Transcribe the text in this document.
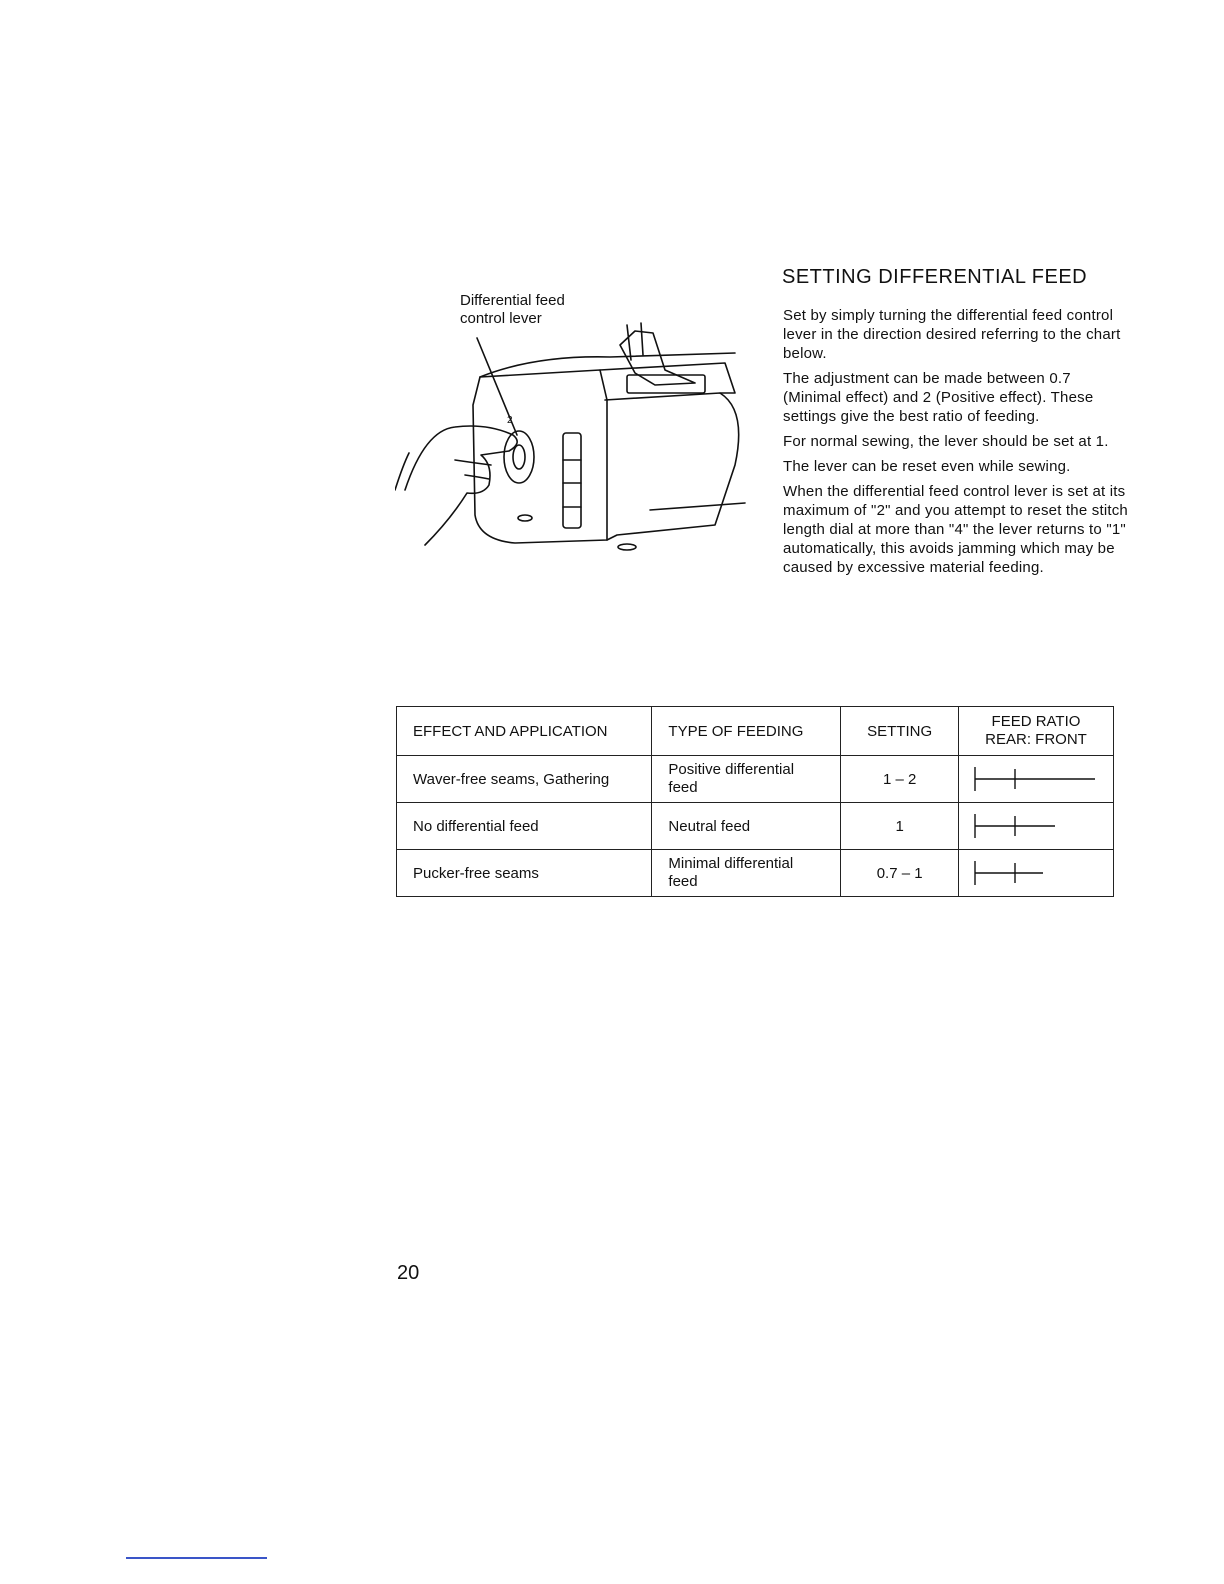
Differential feed
control lever
2
SETTING DIFFERENTIAL FEED

Set by simply turning the differential feed control lever in the direction desired referring to the chart below.

The adjustment can be made between 0.7 (Minimal effect) and 2 (Positive effect). These settings give the best ratio of feeding.

For normal sewing, the lever should be set at 1.

The lever can be reset even while sewing.

When the differential feed control lever is set at its maximum of "2" and you attempt to reset the stitch length dial at more than "4" the lever returns to "1" automatically, this avoids jamming which may be caused by excessive material feeding.

EFFECT AND APPLICATION	TYPE OF FEEDING	SETTING	FEED RATIO
REAR: FRONT

Waver-free seams, Gathering	Positive differential feed	1 – 2	

No differential feed	Neutral feed	1	

Pucker-free seams	Minimal differential feed	0.7 – 1	
20
